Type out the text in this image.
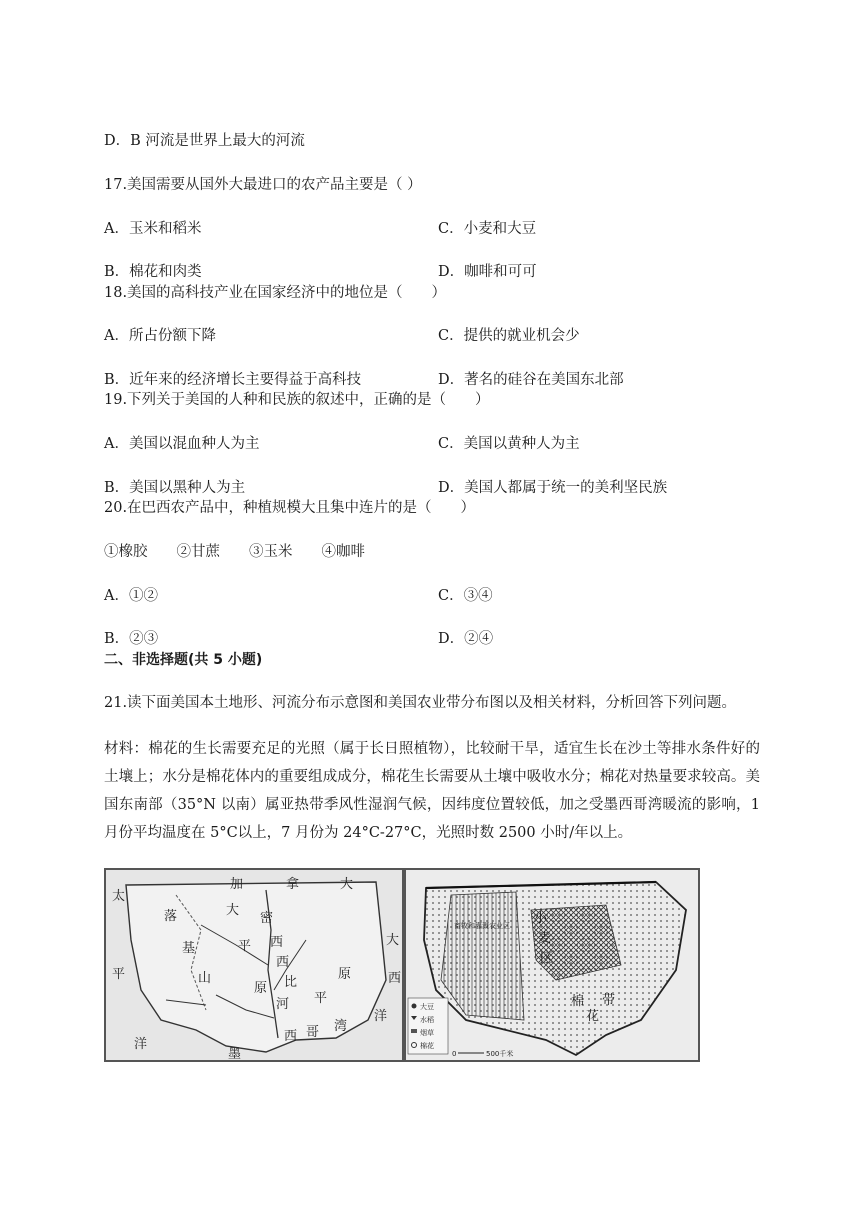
D．B 河流是世界上最大的河流
17.美国需要从国外大最进口的农产品主要是（ ）
A．玉米和稻米	C．小麦和大豆
B．棉花和肉类	D．咖啡和可可
18.美国的高科技产业在国家经济中的地位是（　　）
A．所占份额下降	C．提供的就业机会少
B．近年来的经济增长主要得益于高科技	D．著名的硅谷在美国东北部
19.下列关于美国的人种和民族的叙述中，正确的是（　　）
A．美国以混血种人为主	C．美国以黄种人为主
B．美国以黑种人为主	D．美国人都属于统一的美利坚民族
20.在巴西农产品中，种植规模大且集中连片的是（　　）
①橡胶　　②甘蔗　　③玉米　　④咖啡
A．①②	C．③④
B．②③	D．②④
二、非选择题(共 5 小题)
21.读下面美国本土地形、河流分布示意图和美国农业带分布图以及相关材料，分析回答下列问题。
材料：棉花的生长需要充足的光照（属于长日照植物），比较耐干旱，适宜生长在沙土等排水条件好的土壤上；水分是棉花体内的重要组成成分，棉花生长需要从土壤中吸收水分；棉花对热量要求较高。美国东南部（35°N 以南）属亚热带季风性湿润气候，因纬度位置较低，加之受墨西哥湾暖流的影响，1 月份平均温度在 5°C以上，7 月份为 24°C-27°C，光照时数 2500 小时/年以上。
加	拿	大
太
平
洋
落
基
山
大
平
原
密
西
西
比
河
大
西
洋
平
原
墨
西 哥 湾
畜牧和灌溉农业区 小
麦
区
棉
花
带
大豆
水稻
烟草
棉花
0	500千米
